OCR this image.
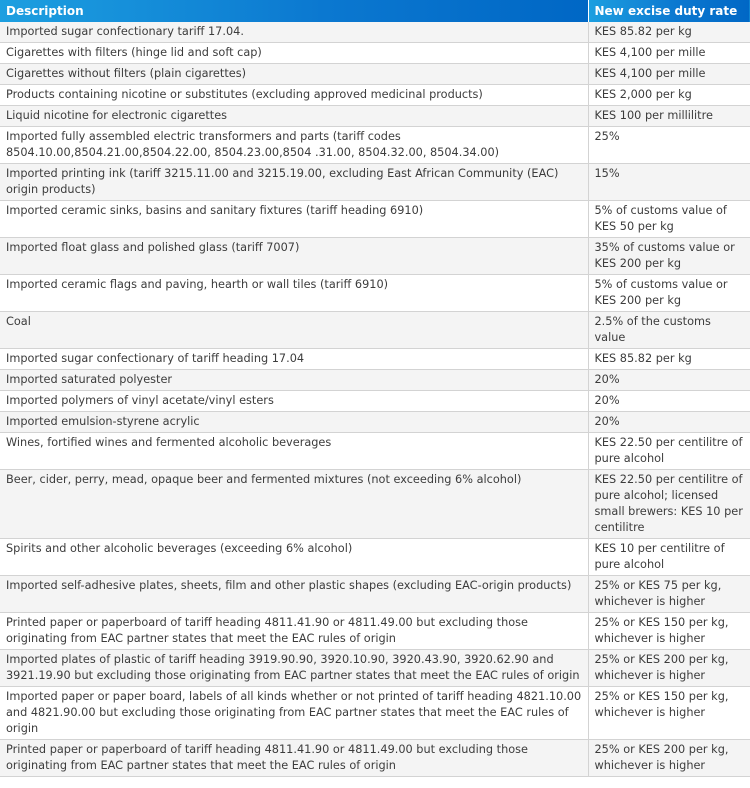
Description	New excise duty rate
Imported sugar confectionary tariff 17.04.	KES 85.82 per kg
Cigarettes with filters (hinge lid and soft cap)	KES 4,100 per mille
Cigarettes without filters (plain cigarettes)	KES 4,100 per mille
Products containing nicotine or substitutes (excluding approved medicinal products)	KES 2,000 per kg
Liquid nicotine for electronic cigarettes	KES 100 per millilitre
Imported fully assembled electric transformers and parts (tariff codes 8504.10.00,8504.21.00,8504.22.00, 8504.23.00,8504 .31.00, 8504.32.00, 8504.34.00)	25%
Imported printing ink (tariff 3215.11.00 and 3215.19.00, excluding East African Community (EAC) origin products)	15%
Imported ceramic sinks, basins and sanitary fixtures (tariff heading 6910)	5% of customs value of KES 50 per kg
Imported float glass and polished glass (tariff 7007)	35% of customs value or KES 200 per kg
Imported ceramic flags and paving, hearth or wall tiles (tariff 6910)	5% of customs value or KES 200 per kg
Coal	2.5% of the customs value
Imported sugar confectionary of tariff heading 17.04	KES 85.82 per kg
Imported saturated polyester	20%
Imported polymers of vinyl acetate/vinyl esters	20%
Imported emulsion-styrene acrylic	20%
Wines, fortified wines and fermented alcoholic beverages	KES 22.50 per centilitre of pure alcohol
Beer, cider, perry, mead, opaque beer and fermented mixtures (not exceeding 6% alcohol)	KES 22.50 per centilitre of pure alcohol; licensed small brewers: KES 10 per centilitre
Spirits and other alcoholic beverages (exceeding 6% alcohol)	KES 10 per centilitre of pure alcohol
Imported self-adhesive plates, sheets, film and other plastic shapes (excluding EAC-origin products)	25% or KES 75 per kg, whichever is higher
Printed paper or paperboard of tariff heading 4811.41.90 or 4811.49.00 but excluding those originating from EAC partner states that meet the EAC rules of origin	25% or KES 150 per kg, whichever is higher
Imported plates of plastic of tariff heading 3919.90.90, 3920.10.90, 3920.43.90, 3920.62.90 and 3921.19.90 but excluding those originating from EAC partner states that meet the EAC rules of origin	25% or KES 200 per kg, whichever is higher
Imported paper or paper board, labels of all kinds whether or not printed of tariff heading 4821.10.00 and 4821.90.00 but excluding those originating from EAC partner states that meet the EAC rules of origin	25% or KES 150 per kg, whichever is higher
Printed paper or paperboard of tariff heading 4811.41.90 or 4811.49.00 but excluding those originating from EAC partner states that meet the EAC rules of origin	25% or KES 200 per kg, whichever is higher
